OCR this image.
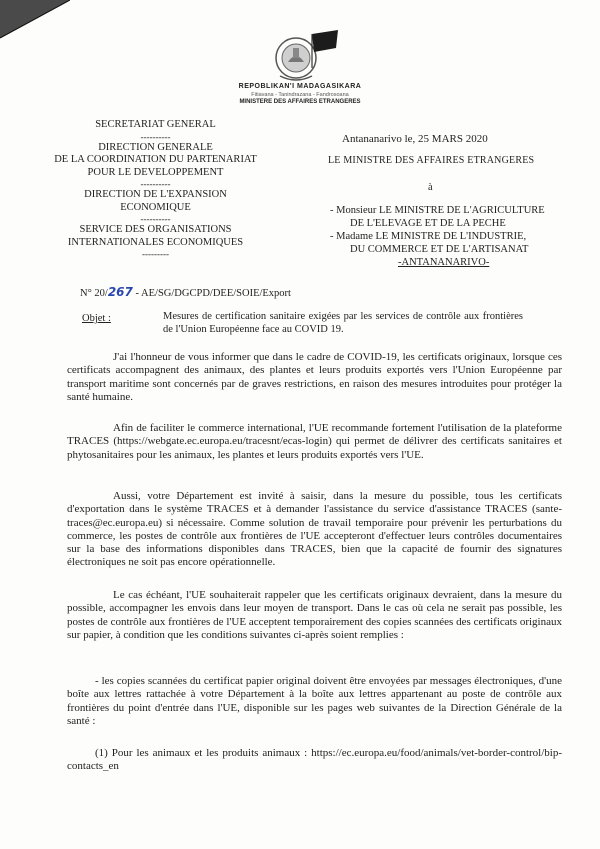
REPOBLIKAN'I MADAGASIKARA
Fitiavana - Tanindrazana - Fandrosoana
MINISTERE DES AFFAIRES ETRANGERES
SECRETARIAT GENERAL
----------
DIRECTION GENERALE
DE LA COORDINATION DU PARTENARIAT
POUR LE DEVELOPPEMENT
----------
DIRECTION DE L'EXPANSION ECONOMIQUE
----------
SERVICE DES ORGANISATIONS
INTERNATIONALES ECONOMIQUES
---------
Antananarivo le, 25 MARS 2020
LE MINISTRE DES AFFAIRES ETRANGERES
à
- Monsieur LE MINISTRE DE L'AGRICULTURE
DE L'ELEVAGE ET DE LA PECHE
- Madame LE MINISTRE DE L'INDUSTRIE,
DU COMMERCE ET DE L'ARTISANAT
-ANTANANARIVO-
N° 20/267 - AE/SG/DGCPD/DEE/SOIE/Export
Objet :	Mesures de certification sanitaire exigées par les services de contrôle aux frontières de l'Union Européenne face au COVID 19.
J'ai l'honneur de vous informer que dans le cadre de COVID-19, les certificats originaux, lorsque ces certificats accompagnent des animaux, des plantes et leurs produits exportés vers l'Union Européenne par transport maritime sont concernés par de graves restrictions, en raison des mesures introduites pour protéger la santé humaine.
Afin de faciliter le commerce international, l'UE recommande fortement l'utilisation de la plateforme TRACES (https://webgate.ec.europa.eu/tracesnt/ecas-login) qui permet de délivrer des certificats sanitaires et phytosanitaires pour les animaux, les plantes et leurs produits exportés vers l'UE.
Aussi, votre Département est invité à saisir, dans la mesure du possible, tous les certificats d'exportation dans le système TRACES et à demander l'assistance du service d'assistance TRACES (sante-traces@ec.europa.eu) si nécessaire. Comme solution de travail temporaire pour prévenir les perturbations du commerce, les postes de contrôle aux frontières de l'UE accepteront d'effectuer leurs contrôles documentaires sur la base des informations disponibles dans TRACES, bien que la capacité de fournir des signatures électroniques ne soit pas encore opérationnelle.
Le cas échéant, l'UE souhaiterait rappeler que les certificats originaux devraient, dans la mesure du possible, accompagner les envois dans leur moyen de transport. Dans le cas où cela ne serait pas possible, les postes de contrôle aux frontières de l'UE acceptent temporairement des copies scannées des certificats originaux sur papier, à condition que les conditions suivantes ci-après soient remplies :
- les copies scannées du certificat papier original doivent être envoyées par messages électroniques, d'une boîte aux lettres rattachée à votre Département à la boîte aux lettres appartenant au poste de contrôle aux frontières du point d'entrée dans l'UE, disponible sur les pages web suivantes de la Direction Générale de la santé :
(1) Pour les animaux et les produits animaux : https://ec.europa.eu/food/animals/vet-border-control/bip-contacts_en
